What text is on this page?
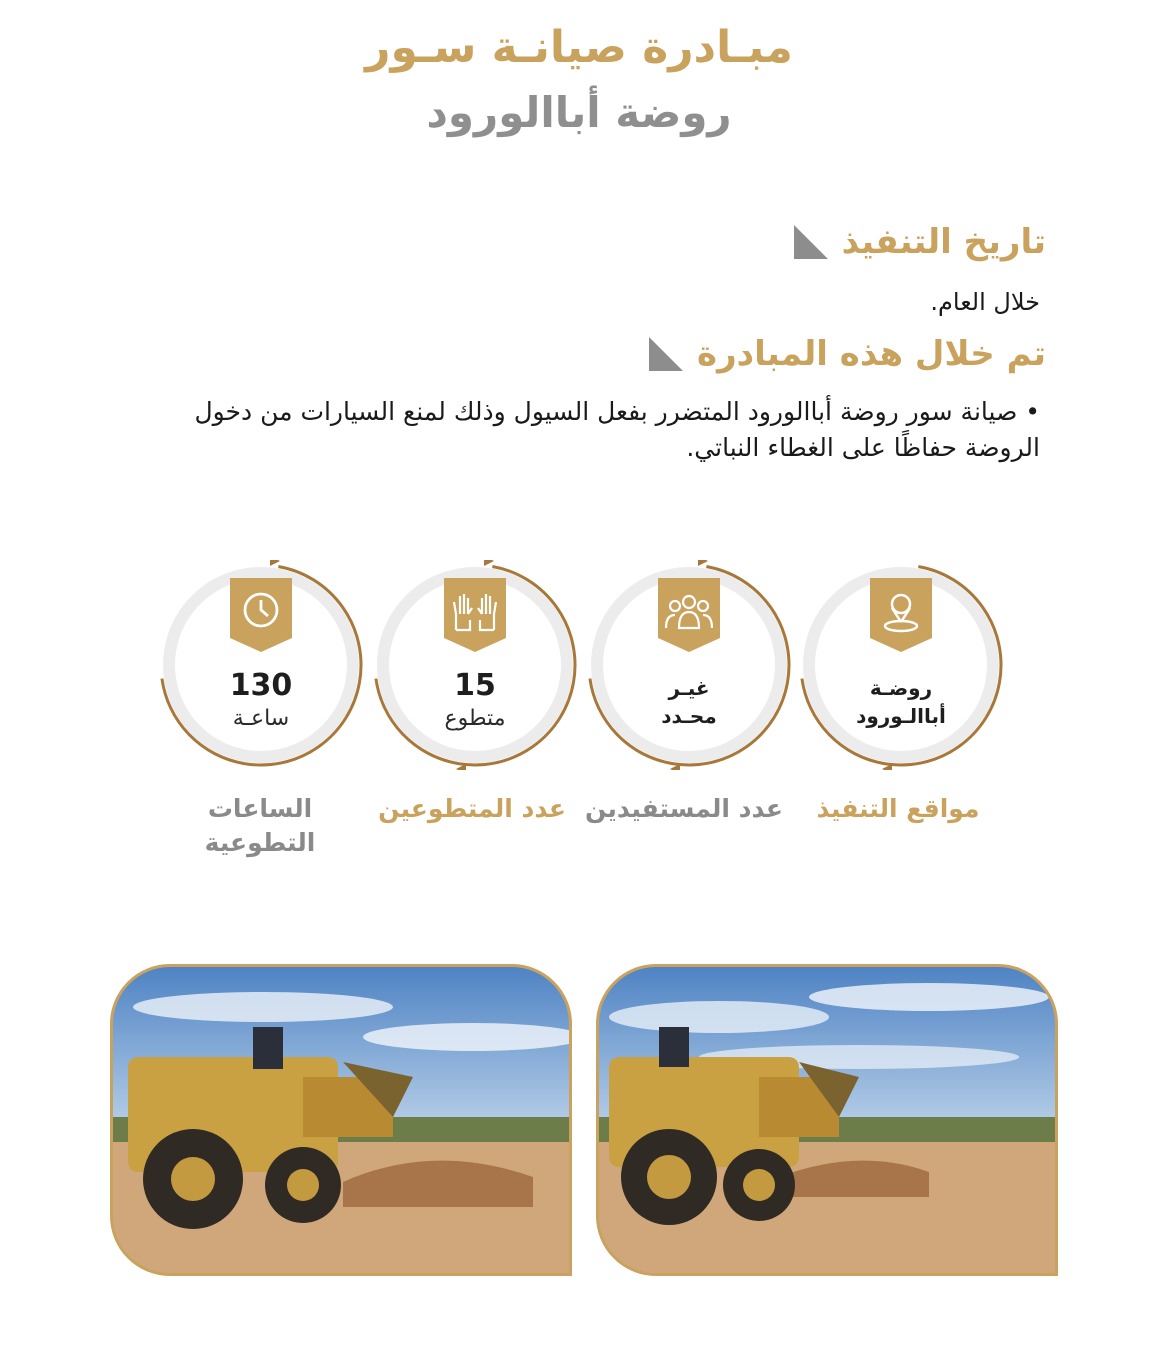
مبـادرة صيانـة سـور
روضة أباالورود
تاريخ التنفيذ

خلال العام.

تم خلال هذه المبادرة

• صيانة سور روضة أباالورود المتضرر بفعل السيول وذلك لمنع السيارات من دخول الروضة حفاظًا على الغطاء النباتي.

روضـة
أباالـورود
مواقع التنفيذ
غيـر
محـدد
عدد المستفيدين
15
متطوع
عدد المتطوعين
130
ساعـة
الساعات التطوعية
